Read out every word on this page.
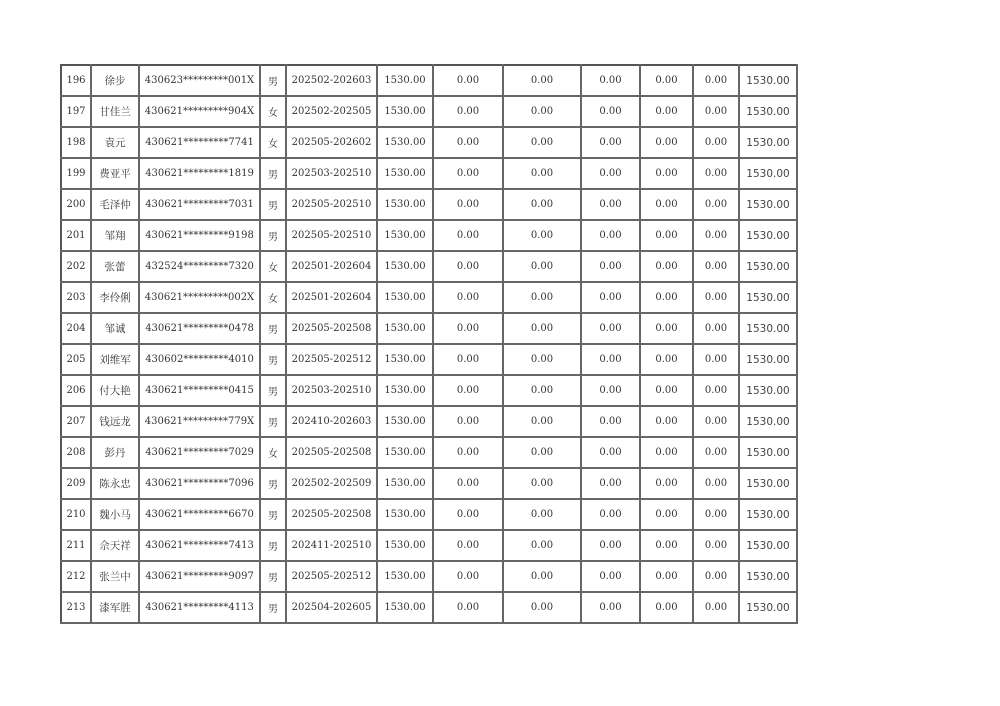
196	徐步	430623*********001X	男	202502-202603	1530.00	0.00	0.00	0.00	0.00	0.00	1530.00
197	甘佳兰	430621*********904X	女	202502-202505	1530.00	0.00	0.00	0.00	0.00	0.00	1530.00
198	袁元	430621*********7741	女	202505-202602	1530.00	0.00	0.00	0.00	0.00	0.00	1530.00
199	费亚平	430621*********1819	男	202503-202510	1530.00	0.00	0.00	0.00	0.00	0.00	1530.00
200	毛泽仲	430621*********7031	男	202505-202510	1530.00	0.00	0.00	0.00	0.00	0.00	1530.00
201	邹翔	430621*********9198	男	202505-202510	1530.00	0.00	0.00	0.00	0.00	0.00	1530.00
202	张蕾	432524*********7320	女	202501-202604	1530.00	0.00	0.00	0.00	0.00	0.00	1530.00
203	李伶俐	430621*********002X	女	202501-202604	1530.00	0.00	0.00	0.00	0.00	0.00	1530.00
204	邹诚	430621*********0478	男	202505-202508	1530.00	0.00	0.00	0.00	0.00	0.00	1530.00
205	刘维军	430602*********4010	男	202505-202512	1530.00	0.00	0.00	0.00	0.00	0.00	1530.00
206	付大艳	430621*********0415	男	202503-202510	1530.00	0.00	0.00	0.00	0.00	0.00	1530.00
207	钱远龙	430621*********779X	男	202410-202603	1530.00	0.00	0.00	0.00	0.00	0.00	1530.00
208	彭丹	430621*********7029	女	202505-202508	1530.00	0.00	0.00	0.00	0.00	0.00	1530.00
209	陈永忠	430621*********7096	男	202502-202509	1530.00	0.00	0.00	0.00	0.00	0.00	1530.00
210	魏小马	430621*********6670	男	202505-202508	1530.00	0.00	0.00	0.00	0.00	0.00	1530.00
211	佘天祥	430621*********7413	男	202411-202510	1530.00	0.00	0.00	0.00	0.00	0.00	1530.00
212	张兰中	430621*********9097	男	202505-202512	1530.00	0.00	0.00	0.00	0.00	0.00	1530.00
213	漆军胜	430621*********4113	男	202504-202605	1530.00	0.00	0.00	0.00	0.00	0.00	1530.00
